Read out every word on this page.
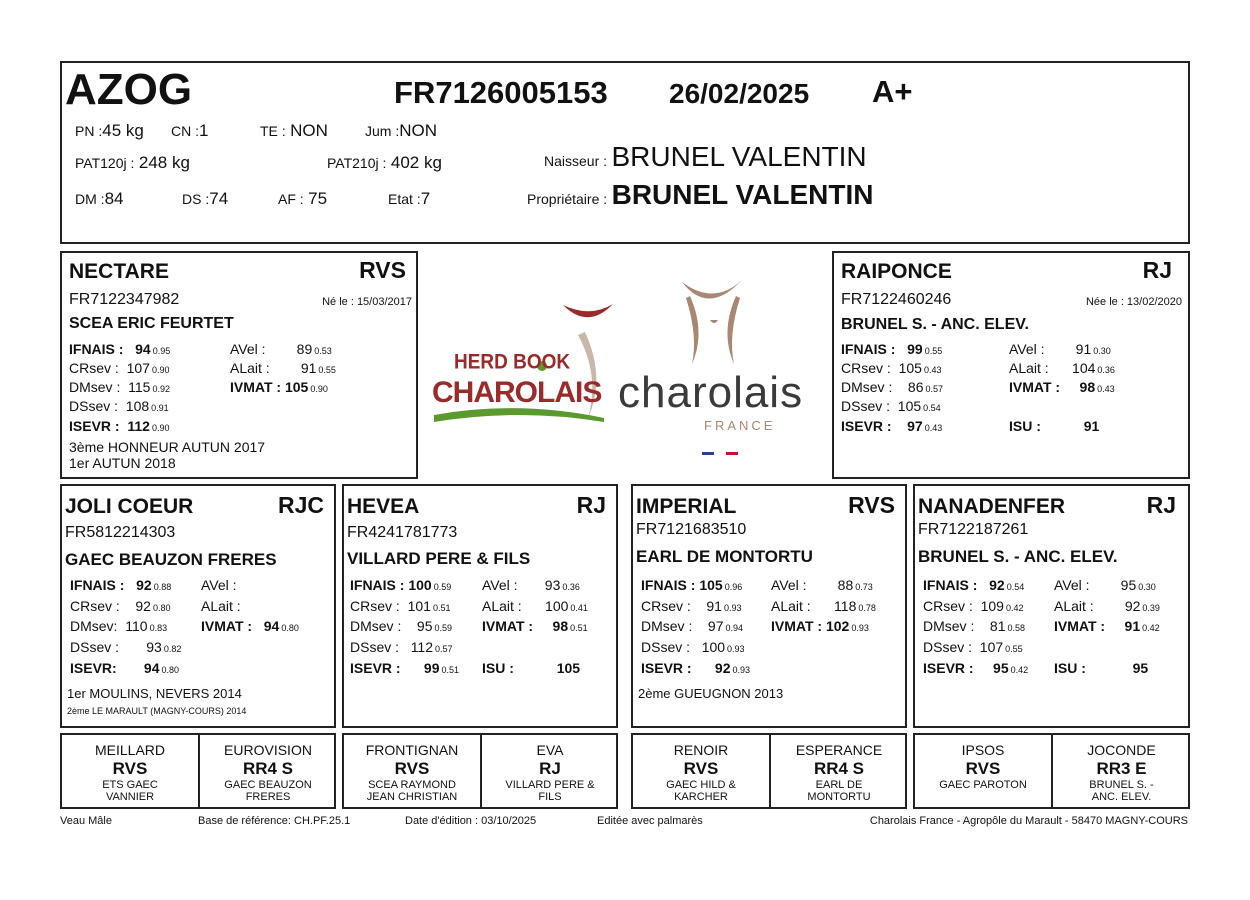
AZOG	FR7126005153 26/02/2025 A+
PN :45 kg CN :1	TE : NON	Jum :NON
PAT120j : 248 kg	PAT210j : 402 kg	Naisseur : BRUNEL VALENTIN
Propriétaire : BRUNEL VALENTIN
DM :84	DS :74	AF : 75	Etat :7
NECTARE	RVS
FR7122347982	Né le : 15/03/2017
SCEA ERIC FEURTET
IFNAIS : 94 0.95
CRsev : 107 0.90
DMsev : 115 0.92
DSsev : 108 0.91
ISEVR : 112 0.90
AVel : 89 0.53
ALait : 91 0.55
IVMAT : 105 0.90
3ème HONNEUR AUTUN 2017
1er AUTUN 2018
HERD BOOK
CHAROLAIS charolais
FRANCE
RAIPONCE	RJ
FR7122460246	Née le : 13/02/2020
BRUNEL S. - ANC. ELEV.
IFNAIS : 99 0.55
CRsev : 105 0.43
DMsev : 86 0.57
DSsev : 105 0.54
ISEVR : 97 0.43
AVel : 91 0.30
ALait : 104 0.36
IVMAT : 98 0.43
ISU :	91
JOLI COEUR	RJC
FR5812214303
GAEC BEAUZON FRERES
IFNAIS : 92 0.88
CRsev : 92 0.80
DMsev: 110 0.83
DSsev : 93 0.82
ISEVR: 94 0.80
AVel :
ALait :
IVMAT : 94 0.80
1er MOULINS, NEVERS 2014
2ème LE MARAULT (MAGNY-COURS) 2014
HEVEA	RJ
FR4241781773
VILLARD PERE & FILS
IFNAIS : 100 0.59
CRsev : 101 0.51
DMsev : 95 0.59
DSsev : 112 0.57
ISEVR : 99 0.51
AVel : 93 0.36
ALait : 100 0.41
IVMAT : 98 0.51
ISU :	105
IMPERIAL	RVS
FR7121683510
EARL DE MONTORTU
IFNAIS : 105 0.96
CRsev : 91 0.93
DMsev : 97 0.94
DSsev : 100 0.93
ISEVR : 92 0.93
AVel : 88 0.73
ALait : 118 0.78
IVMAT : 102 0.93
2ème GUEUGNON 2013
NANADENFER	RJ
FR7122187261
BRUNEL S. - ANC. ELEV.
IFNAIS : 92 0.54
CRsev : 109 0.42
DMsev : 81 0.58
DSsev : 107 0.55
ISEVR : 95 0.42
AVel : 95 0.30
ALait : 92 0.39
IVMAT : 91 0.42
ISU :	95
MEILLARD
RVS
ETS GAEC VANNIER
EUROVISION
RR4 S
GAEC BEAUZON FRERES
FRONTIGNAN
RVS
SCEA RAYMOND JEAN CHRISTIAN
EVA
RJ
VILLARD PERE & FILS
RENOIR
RVS
GAEC HILD & KARCHER
ESPERANCE
RR4 S
EARL DE MONTORTU
IPSOS
RVS
GAEC PAROTON
JOCONDE
RR3 E
BRUNEL S. - ANC. ELEV.
Veau Mâle	Base de référence: CH.PF.25.1	Date d'édition : 03/10/2025	Editée avec palmarès	Charolais France - Agropôle du Marault - 58470 MAGNY-COURS
